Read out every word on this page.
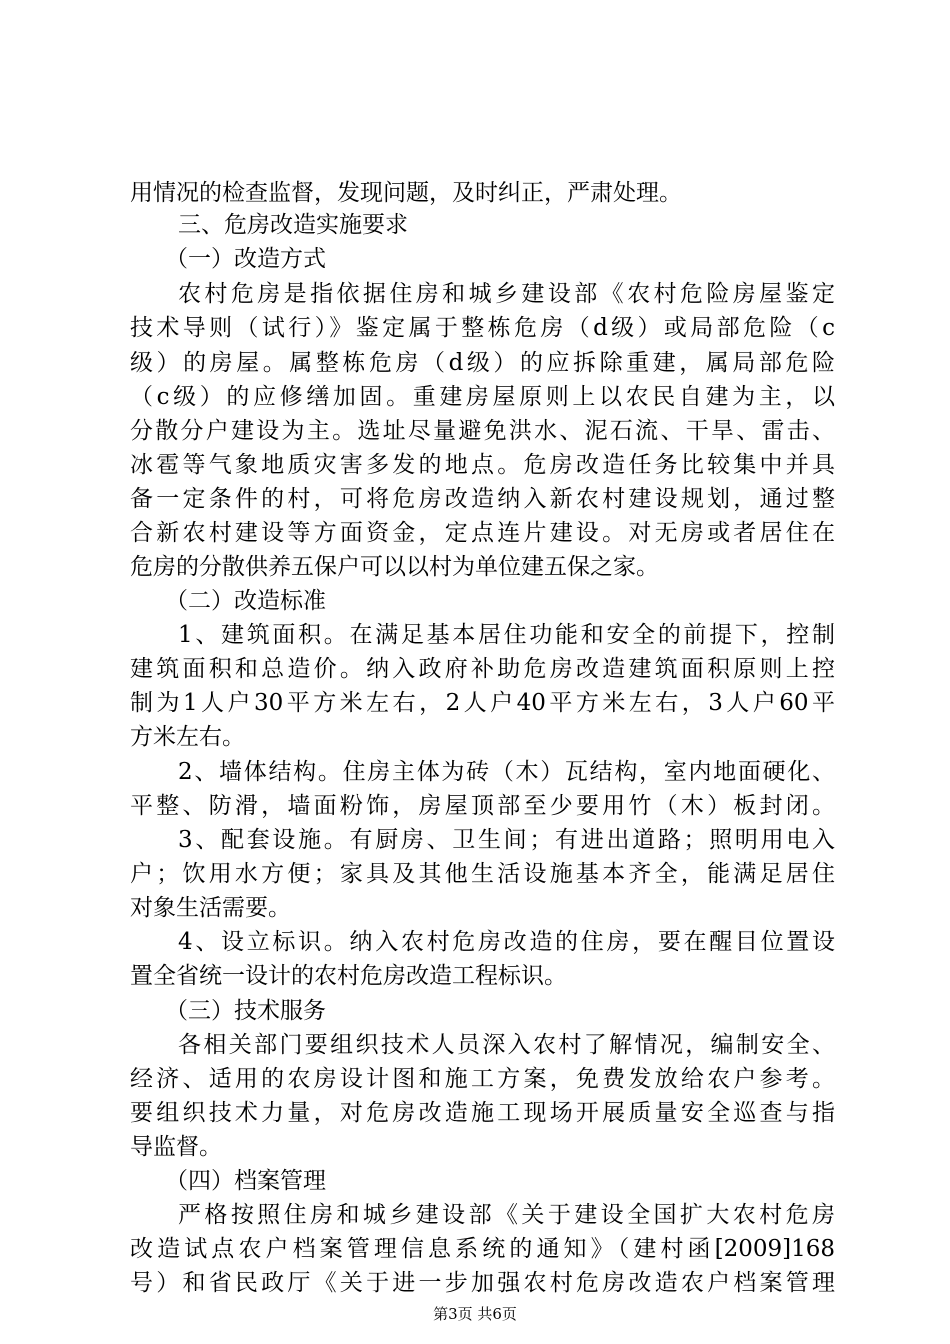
用情况的检查监督，发现问题，及时纠正，严肃处理。
三、危房改造实施要求
（一）改造方式
农村危房是指依据住房和城乡建设部《农村危险房屋鉴定
技术导则（试行）》鉴定属于整栋危房（d级）或局部危险（c
级）的房屋。属整栋危房（d级）的应拆除重建，属局部危险
（c级）的应修缮加固。重建房屋原则上以农民自建为主，以
分散分户建设为主。选址尽量避免洪水、泥石流、干旱、雷击、
冰雹等气象地质灾害多发的地点。危房改造任务比较集中并具
备一定条件的村，可将危房改造纳入新农村建设规划，通过整
合新农村建设等方面资金，定点连片建设。对无房或者居住在
危房的分散供养五保户可以以村为单位建五保之家。
（二）改造标准
1、建筑面积。在满足基本居住功能和安全的前提下，控制
建筑面积和总造价。纳入政府补助危房改造建筑面积原则上控
制为1人户30平方米左右，2人户40平方米左右，3人户60平
方米左右。
2、墙体结构。住房主体为砖（木）瓦结构，室内地面硬化、
平整、防滑，墙面粉饰，房屋顶部至少要用竹（木）板封闭。
3、配套设施。有厨房、卫生间；有进出道路；照明用电入
户；饮用水方便；家具及其他生活设施基本齐全，能满足居住
对象生活需要。
4、设立标识。纳入农村危房改造的住房，要在醒目位置设
置全省统一设计的农村危房改造工程标识。
（三）技术服务
各相关部门要组织技术人员深入农村了解情况，编制安全、
经济、适用的农房设计图和施工方案，免费发放给农户参考。
要组织技术力量，对危房改造施工现场开展质量安全巡查与指
导监督。
（四）档案管理
严格按照住房和城乡建设部《关于建设全国扩大农村危房
改造试点农户档案管理信息系统的通知》（建村函[2009]168
号）和省民政厅《关于进一步加强农村危房改造农户档案管理
第3页 共6页
